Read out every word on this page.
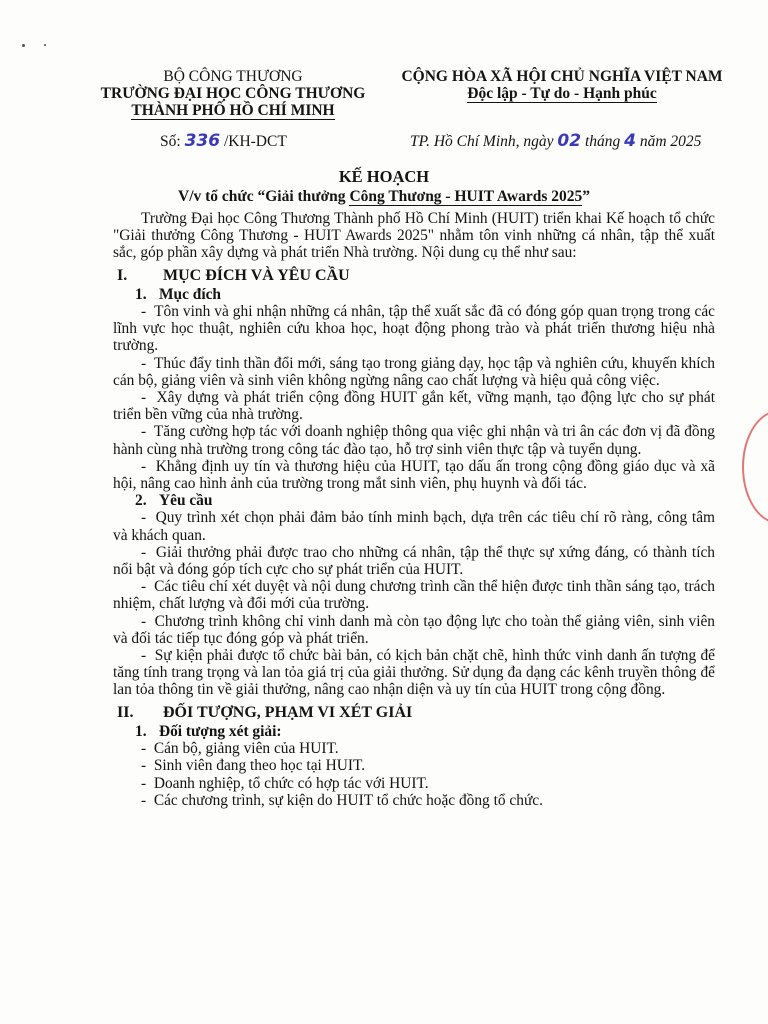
BỘ CÔNG THƯƠNG
TRƯỜNG ĐẠI HỌC CÔNG THƯƠNG
THÀNH PHỐ HỒ CHÍ MINH
Số: 336 /KH-DCT
CỘNG HÒA XÃ HỘI CHỦ NGHĨA VIỆT NAM
Độc lập - Tự do - Hạnh phúc
TP. Hồ Chí Minh, ngày 02 tháng 4 năm 2025
KẾ HOẠCH
V/v tổ chức “Giải thưởng Công Thương - HUIT Awards 2025”

Trường Đại học Công Thương Thành phố Hồ Chí Minh (HUIT) triển khai Kế hoạch tổ chức "Giải thưởng Công Thương - HUIT Awards 2025" nhằm tôn vinh những cá nhân, tập thể xuất sắc, góp phần xây dựng và phát triển Nhà trường. Nội dung cụ thể như sau:

I. MỤC ĐÍCH VÀ YÊU CẦU
1. Mục đích

-  Tôn vinh và ghi nhận những cá nhân, tập thể xuất sắc đã có đóng góp quan trọng trong các lĩnh vực học thuật, nghiên cứu khoa học, hoạt động phong trào và phát triển thương hiệu nhà trường.

-  Thúc đẩy tinh thần đổi mới, sáng tạo trong giảng dạy, học tập và nghiên cứu, khuyến khích cán bộ, giảng viên và sinh viên không ngừng nâng cao chất lượng và hiệu quả công việc.

-  Xây dựng và phát triển cộng đồng HUIT gắn kết, vững mạnh, tạo động lực cho sự phát triển bền vững của nhà trường.

-  Tăng cường hợp tác với doanh nghiệp thông qua việc ghi nhận và tri ân các đơn vị đã đồng hành cùng nhà trường trong công tác đào tạo, hỗ trợ sinh viên thực tập và tuyển dụng.

-  Khẳng định uy tín và thương hiệu của HUIT, tạo dấu ấn trong cộng đồng giáo dục và xã hội, nâng cao hình ảnh của trường trong mắt sinh viên, phụ huynh và đối tác.

2. Yêu cầu

-  Quy trình xét chọn phải đảm bảo tính minh bạch, dựa trên các tiêu chí rõ ràng, công tâm và khách quan.

-  Giải thưởng phải được trao cho những cá nhân, tập thể thực sự xứng đáng, có thành tích nổi bật và đóng góp tích cực cho sự phát triển của HUIT.

-  Các tiêu chí xét duyệt và nội dung chương trình cần thể hiện được tinh thần sáng tạo, trách nhiệm, chất lượng và đổi mới của trường.

-  Chương trình không chỉ vinh danh mà còn tạo động lực cho toàn thể giảng viên, sinh viên và đối tác tiếp tục đóng góp và phát triển.

-  Sự kiện phải được tổ chức bài bản, có kịch bản chặt chẽ, hình thức vinh danh ấn tượng để tăng tính trang trọng và lan tỏa giá trị của giải thưởng. Sử dụng đa dạng các kênh truyền thông để lan tỏa thông tin về giải thưởng, nâng cao nhận diện và uy tín của HUIT trong cộng đồng.

II. ĐỐI TƯỢNG, PHẠM VI XÉT GIẢI
1. Đối tượng xét giải:

-  Cán bộ, giảng viên của HUIT.

-  Sinh viên đang theo học tại HUIT.

-  Doanh nghiệp, tổ chức có hợp tác với HUIT.

-  Các chương trình, sự kiện do HUIT tổ chức hoặc đồng tổ chức.
